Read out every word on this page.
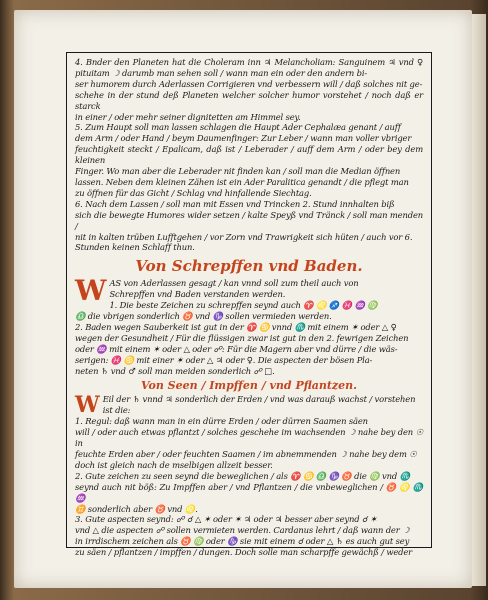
4. Bnder den Planeten hat die Choleram inn ♃ Melancholiam: Sanguinem ♃ vnd ♀ pituitam ☽ darumb man sehen soll / wann man ein oder den andern bi-

ser humorem durch Aderlassen Corrigieren vnd verbessern will / daß solches nit ge-

schehe in der stund deß Planeten welcher solcher humor vorstehet / noch daß er starck

in einer / oder mehr seiner dignitetten am Himmel sey.

5. Zum Haupt soll man lassen schlagen die Haupt Ader Cephalæa genant / auff

dem Arm / oder Hand / beym Daumenfinger: Zur Leber / wann man voller vbriger

feuchtigkeit steckt / Epalicam, daß ist / Leberader / auff dem Arm / oder bey dem kleinen

Finger. Wo man aber die Leberader nit finden kan / soll man die Median öffnen

lassen. Neben dem kleinen Zähen ist ein Ader Paralitica genandt / die pflegt man

zu öffnen für das Gicht / Schlag vnd hinfallende Siechtag.

6. Nach dem Lassen / soll man mit Essen vnd Trincken 2. Stund innhalten biß

sich die bewegte Humores wider setzen / kalte Speyß vnd Tränck / soll man menden /

nit in kalten trüben Lufftgehen / vor Zorn vnd Trawrigkeit sich hüten / auch vor 6.

Stunden keinen Schlaff thun.

Von Schrepffen vnd Baden.
W AS von Aderlassen gesagt / kan vnnd soll zum theil auch von

Schrepffen vnd Baden verstanden werden.

1. Die beste Zeichen zu schrepffen seynd auch ♈ ♌ ♐ ♓ ♒ ♍

♎ die vbrigen sonderlich ♉ vnd ♑ sollen vermieden werden.

2. Baden wegen Sauberkeit ist gut in der ♈ ♋ vnnd ♏ mit einem ✶ oder △ ♀

wegen der Gesundheit / Für die flüssigen zwar ist gut in den 2. fewrigen Zeichen

oder ♒ mit einem ✶ oder △ oder ☍: Für die Magern aber vnd dürre / die wäs-

serigen: ♓ ♋ mit einer ✶ oder △ ♃ oder ♀. Die aspecten der bösen Pla-

neten ♄ vnd ♂ soll man meiden sonderlich ☍ □.

Von Seen / Impffen / vnd Pflantzen.
W Eil der ♄ vnnd ♃ sonderlich der Erden / vnd was darauß wachst / vorstehen

ist die:

1. Regul: daß wann man in ein dürre Erden / oder dürren Saamen säen

will / oder auch etwas pflantzt / solches geschehe im wachsenden ☽ nahe bey den ☉ in

feuchte Erden aber / oder feuchten Saamen / im abnemmenden ☽ nahe bey dem ☉

doch ist gleich nach de mselbigen allzeit besser.

2. Gute zeichen zu seen seynd die beweglichen / als ♈ ♋ ♎ ♑ ♉ die ♍ vnd ♏

seynd auch nit böß: Zu Impffen aber / vnd Pflantzen / die vnbeweglichen / ♉ ♌ ♏ ♒

♊ sonderlich aber ♉ vnd ♌.

3. Gute aspecten seynd: ☍ ☌ △ ✶ oder ✶ ♃ oder ♃ besser aber seynd ☌ ✶

vnd △ die aspecten ☍ sollen vermieten werden. Cardanus lehrt / daß wann der ☽

in irrdischem zeichen als ♉ ♍ oder ♑ sie mit einem ☌ oder △ ♄ es auch gut sey

zu säen / pflantzen / impffen / dungen. Doch solle man scharpffe gewächß / weder
